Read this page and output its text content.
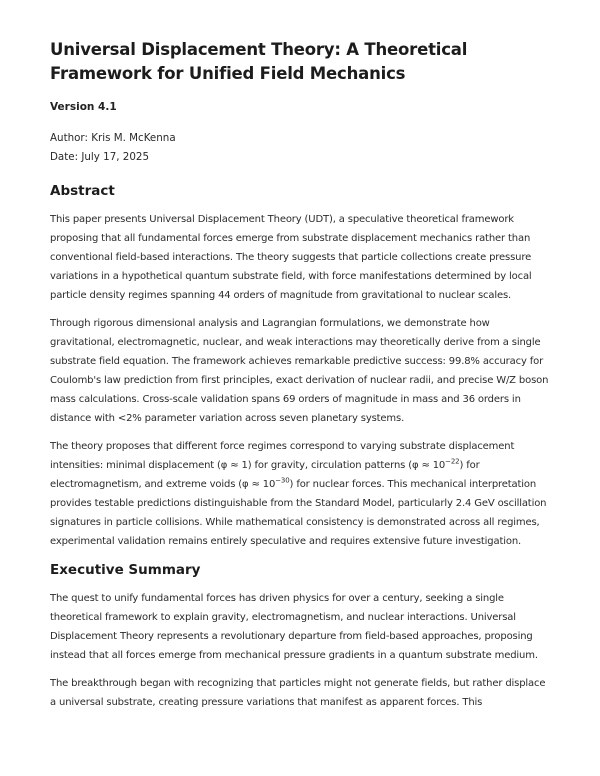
Universal Displacement Theory: A Theoretical Framework for Unified Field Mechanics
Version 4.1

Author: Kris M. McKenna

Date: July 17, 2025

Abstract

This paper presents Universal Displacement Theory (UDT), a speculative theoretical framework proposing that all fundamental forces emerge from substrate displacement mechanics rather than conventional field-based interactions. The theory suggests that particle collections create pressure variations in a hypothetical quantum substrate field, with force manifestations determined by local particle density regimes spanning 44 orders of magnitude from gravitational to nuclear scales.

Through rigorous dimensional analysis and Lagrangian formulations, we demonstrate how gravitational, electromagnetic, nuclear, and weak interactions may theoretically derive from a single substrate field equation. The framework achieves remarkable predictive success: 99.8% accuracy for Coulomb's law prediction from first principles, exact derivation of nuclear radii, and precise W/Z boson mass calculations. Cross-scale validation spans 69 orders of magnitude in mass and 36 orders in distance with <2% parameter variation across seven planetary systems.

The theory proposes that different force regimes correspond to varying substrate displacement intensities: minimal displacement (φ ≈ 1) for gravity, circulation patterns $(\varphi \approx 10^{-22})$ for electromagnetism, and extreme voids $(\varphi \approx 10^{-30})$ for nuclear forces. This mechanical interpretation provides testable predictions distinguishable from the Standard Model, particularly 2.4 GeV oscillation signatures in particle collisions. While mathematical consistency is demonstrated across all regimes, experimental validation remains entirely speculative and requires extensive future investigation.

Executive Summary

The quest to unify fundamental forces has driven physics for over a century, seeking a single theoretical framework to explain gravity, electromagnetism, and nuclear interactions. Universal Displacement Theory represents a revolutionary departure from field-based approaches, proposing instead that all forces emerge from mechanical pressure gradients in a quantum substrate medium.

The breakthrough began with recognizing that particles might not generate fields, but rather displace a universal substrate, creating pressure variations that manifest as apparent forces. This
